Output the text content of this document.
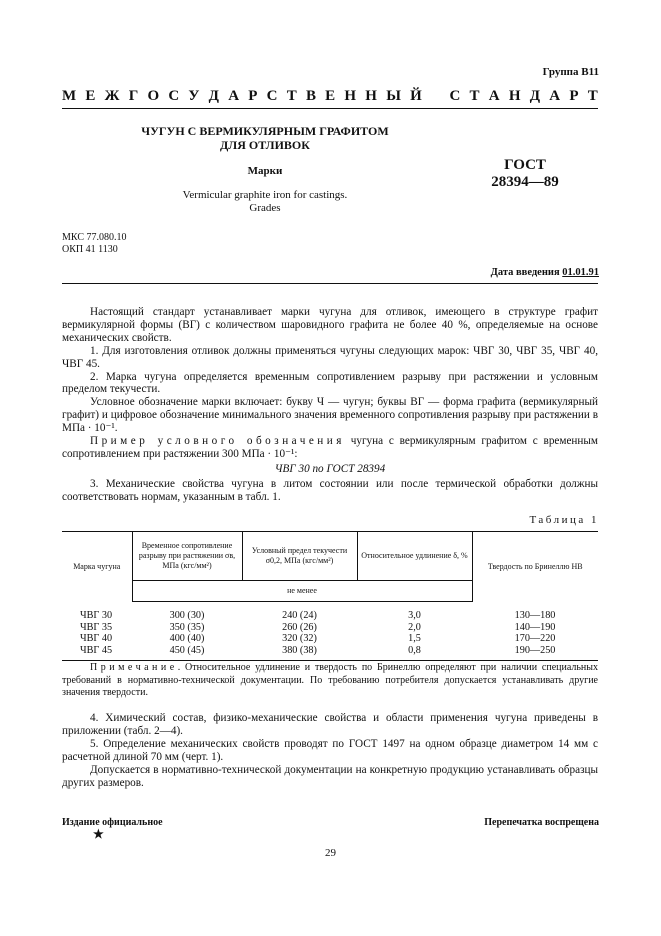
Группа В11
М Е Ж Г О С У Д А Р С Т В Е Н Н Ы Й С Т А Н Д А Р Т
ЧУГУН С ВЕРМИКУЛЯРНЫМ ГРАФИТОМ
ДЛЯ ОТЛИВОК
Марки
Vermicular graphite iron for castings.
Grades
ГОСТ
28394—89
МКС 77.080.10
ОКП 41 1130
Дата введения 01.01.91

Настоящий стандарт устанавливает марки чугуна для отливок, имеющего в структуре графит вермикулярной формы (ВГ) с количеством шаровидного графита не более 40 %, определяемые на основе механических свойств.

1. Для изготовления отливок должны применяться чугуны следующих марок: ЧВГ 30, ЧВГ 35, ЧВГ 40, ЧВГ 45.

2. Марка чугуна определяется временным сопротивлением разрыву при растяжении и условным пределом текучести.

Условное обозначение марки включает: букву Ч — чугун; буквы ВГ — форма графита (вермикулярный графит) и цифровое обозначение минимального значения временного сопротивления разрыву при растяжении в МПа · 10⁻¹.

Пример условного обозначения чугуна с вермикулярным графитом с временным сопротивлением при растяжении 300 МПа · 10⁻¹:

ЧВГ 30 по ГОСТ 28394

3. Механические свойства чугуна в литом состоянии или после термической обработки должны соответствовать нормам, указанным в табл. 1.

Таблица 1
Марка чугуна	Временное сопротивление разрыву при растяжении σв, МПа (кгс/мм²)	Условный предел текучести σ0,2, МПа (кгс/мм²)	Относительное удлинение δ, %	Твердость по Бринеллю НВ
	не менее			
ЧВГ 30	300 (30)	240 (24)	3,0	130—180
ЧВГ 35	350 (35)	260 (26)	2,0	140—190
ЧВГ 40	400 (40)	320 (32)	1,5	170—220
ЧВГ 45	450 (45)	380 (38)	0,8	190—250
Примечание. Относительное удлинение и твердость по Бринеллю определяют при наличии специальных требований в нормативно-технической документации. По требованию потребителя допускается устанавливать другие значения твердости.

4. Химический состав, физико-механические свойства и области применения чугуна приведены в приложении (табл. 2—4).

5. Определение механических свойств проводят по ГОСТ 1497 на одном образце диаметром 14 мм с расчетной длиной 70 мм (черт. 1).

Допускается в нормативно-технической документации на конкретную продукцию устанавливать образцы других размеров.

Издание официальное	Перепечатка воспрещена
★
29
